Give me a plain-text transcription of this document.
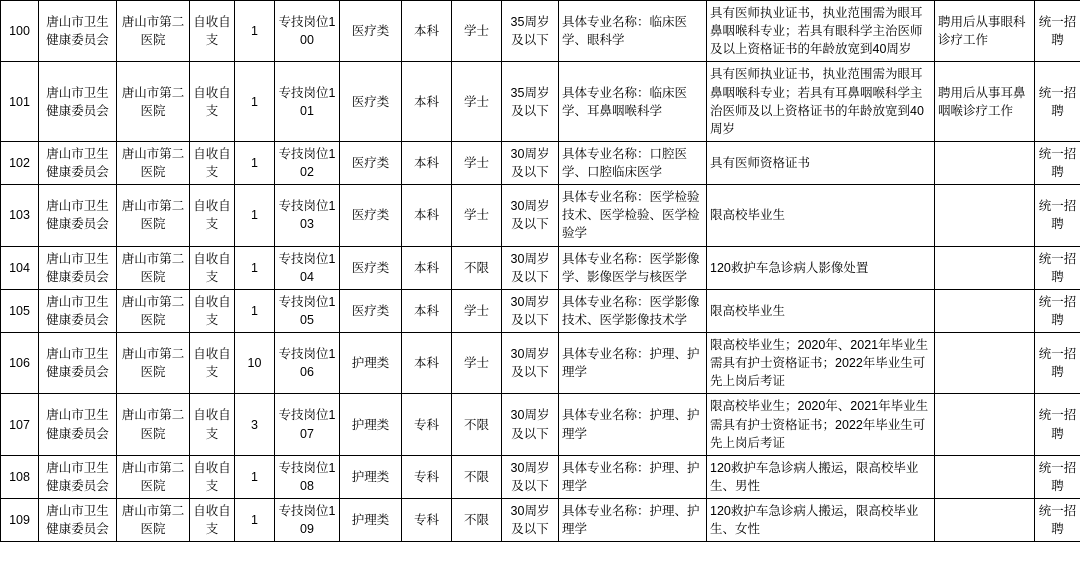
100	唐山市卫生健康委员会	唐山市第二医院	自收自支	1	专技岗位100	医疗类	本科	学士	35周岁及以下	具体专业名称：临床医学、眼科学	具有医师执业证书，执业范围需为眼耳鼻咽喉科专业；若具有眼科学主治医师及以上资格证书的年龄放宽到40周岁	聘用后从事眼科诊疗工作	统一招聘
101	唐山市卫生健康委员会	唐山市第二医院	自收自支	1	专技岗位101	医疗类	本科	学士	35周岁及以下	具体专业名称：临床医学、耳鼻咽喉科学	具有医师执业证书，执业范围需为眼耳鼻咽喉科专业；若具有耳鼻咽喉科学主治医师及以上资格证书的年龄放宽到40周岁	聘用后从事耳鼻咽喉诊疗工作	统一招聘
102	唐山市卫生健康委员会	唐山市第二医院	自收自支	1	专技岗位102	医疗类	本科	学士	30周岁及以下	具体专业名称：口腔医学、口腔临床医学	具有医师资格证书		统一招聘
103	唐山市卫生健康委员会	唐山市第二医院	自收自支	1	专技岗位103	医疗类	本科	学士	30周岁及以下	具体专业名称：医学检验技术、医学检验、医学检验学	限高校毕业生		统一招聘
104	唐山市卫生健康委员会	唐山市第二医院	自收自支	1	专技岗位104	医疗类	本科	不限	30周岁及以下	具体专业名称：医学影像学、影像医学与核医学	120救护车急诊病人影像处置		统一招聘
105	唐山市卫生健康委员会	唐山市第二医院	自收自支	1	专技岗位105	医疗类	本科	学士	30周岁及以下	具体专业名称：医学影像技术、医学影像技术学	限高校毕业生		统一招聘
106	唐山市卫生健康委员会	唐山市第二医院	自收自支	10	专技岗位106	护理类	本科	学士	30周岁及以下	具体专业名称：护理、护理学	限高校毕业生；2020年、2021年毕业生需具有护士资格证书；2022年毕业生可先上岗后考证		统一招聘
107	唐山市卫生健康委员会	唐山市第二医院	自收自支	3	专技岗位107	护理类	专科	不限	30周岁及以下	具体专业名称：护理、护理学	限高校毕业生；2020年、2021年毕业生需具有护士资格证书；2022年毕业生可先上岗后考证		统一招聘
108	唐山市卫生健康委员会	唐山市第二医院	自收自支	1	专技岗位108	护理类	专科	不限	30周岁及以下	具体专业名称：护理、护理学	120救护车急诊病人搬运，限高校毕业生、男性		统一招聘
109	唐山市卫生健康委员会	唐山市第二医院	自收自支	1	专技岗位109	护理类	专科	不限	30周岁及以下	具体专业名称：护理、护理学	120救护车急诊病人搬运，限高校毕业生、女性		统一招聘
